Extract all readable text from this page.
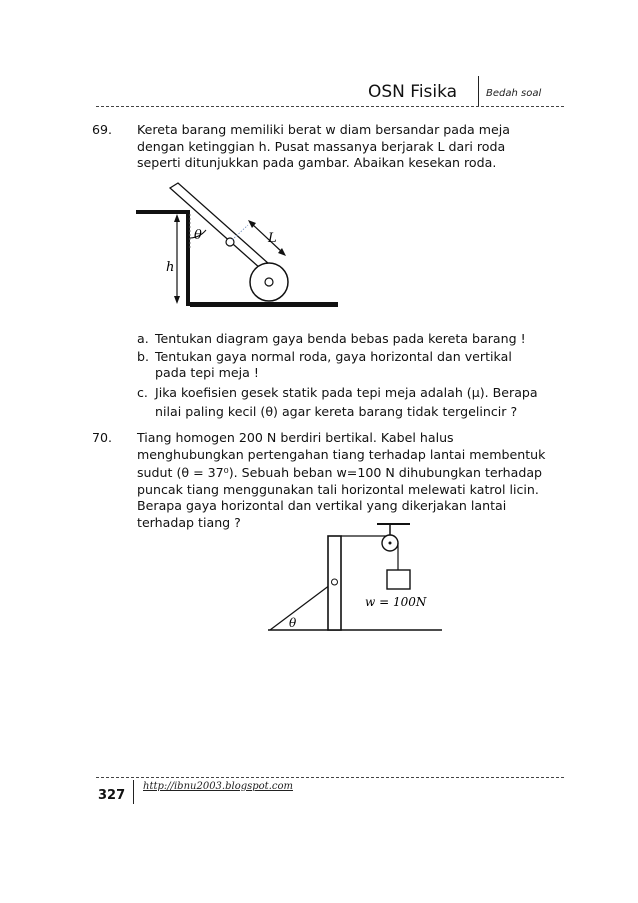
OSN Fisika	Bedah soal
69. Kereta barang memiliki berat w diam bersandar pada meja

dengan ketinggian h. Pusat massanya berjarak L dari roda

seperti ditunjukkan pada gambar. Abaikan kesekan roda.

θ	L
h
a. Tentukan diagram gaya benda bebas pada kereta barang !
b. Tentukan gaya normal roda, gaya horizontal dan vertikal
pada tepi meja !
c. Jika koefisien gesek statik pada tepi meja adalah (μ). Berapa
nilai paling kecil (θ) agar kereta barang tidak tergelincir ?
70. Tiang homogen 200 N berdiri bertikal. Kabel halus

menghubungkan pertengahan tiang terhadap lantai membentuk

sudut (θ = 37⁰). Sebuah beban w=100 N dihubungkan terhadap

puncak tiang menggunakan tali horizontal melewati katrol licin.

Berapa gaya horizontal dan vertikal yang dikerjakan lantai

terhadap tiang ?

w = 100N
θ
327
http://ibnu2003.blogspot.com
